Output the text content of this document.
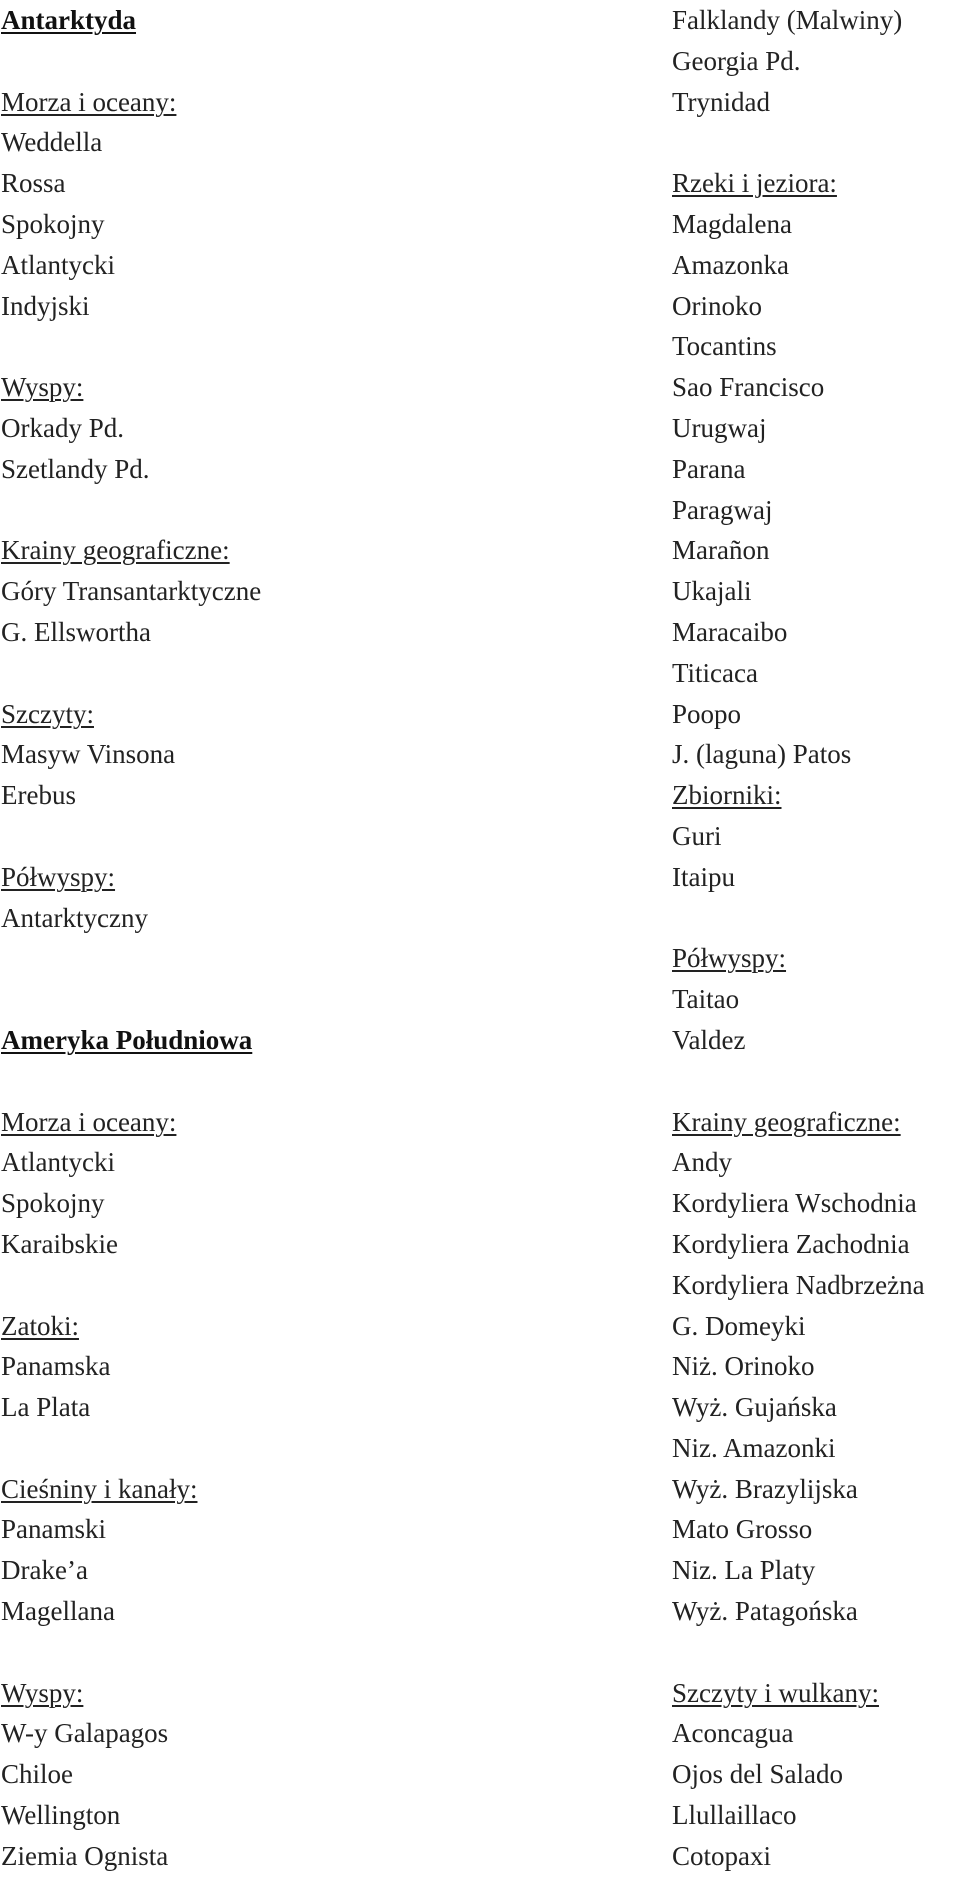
Antarktyda
Morza i oceany:
Weddella
Rossa
Spokojny
Atlantycki
Indyjski
Wyspy:
Orkady Pd.
Szetlandy Pd.
Krainy geograficzne:
Góry Transantarktyczne
G. Ellswortha
Szczyty:
Masyw Vinsona
Erebus
Półwyspy:
Antarktyczny
Ameryka Południowa
Morza i oceany:
Atlantycki
Spokojny
Karaibskie
Zatoki:
Panamska
La Plata
Cieśniny i kanały:
Panamski
Drake’a
Magellana
Wyspy:
W-y Galapagos
Chiloe
Wellington
Ziemia Ognista
Falklandy (Malwiny)
Georgia Pd.
Trynidad
Rzeki i jeziora:
Magdalena
Amazonka
Orinoko
Tocantins
Sao Francisco
Urugwaj
Parana
Paragwaj
Marañon
Ukajali
Maracaibo
Titicaca
Poopo
J. (laguna) Patos
Zbiorniki:
Guri
Itaipu
Półwyspy:
Taitao
Valdez
Krainy geograficzne:
Andy
Kordyliera Wschodnia
Kordyliera Zachodnia
Kordyliera Nadbrzeżna
G. Domeyki
Niż. Orinoko
Wyż. Gujańska
Niz. Amazonki
Wyż. Brazylijska
Mato Grosso
Niz. La Platy
Wyż. Patagońska
Szczyty i wulkany:
Aconcagua
Ojos del Salado
Llullaillaco
Cotopaxi
